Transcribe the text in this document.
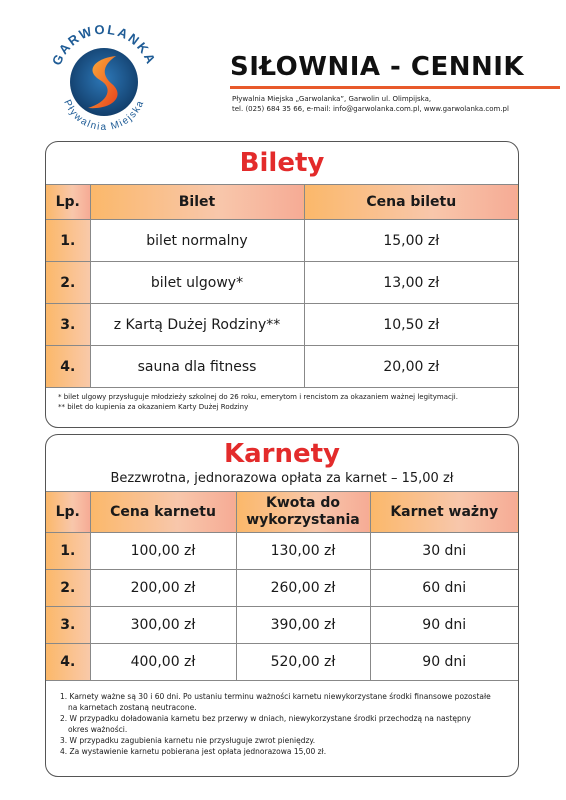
GARWOLANKA
Pływalnia Miejska
SIŁOWNIA - CENNIK
Pływalnia Miejska „Garwolanka”, Garwolin ul. Olimpijska,
tel. (025) 684 35 66, e-mail: info@garwolanka.com.pl, www.garwolanka.com.pl
Bilety
Lp.	Bilet	Cena biletu
1.	bilet normalny	15,00 zł
2.	bilet ulgowy*	13,00 zł
3.	z Kartą Dużej Rodziny**	10,50 zł
4.	sauna dla fitness	20,00 zł
* bilet ulgowy przysługuje młodzieży szkolnej do 26 roku, emerytom i rencistom za okazaniem ważnej legitymacji.
** bilet do kupienia za okazaniem Karty Dużej Rodziny
Karnety
Bezzwrotna, jednorazowa opłata za karnet – 15,00 zł
Lp.	Cena karnetu	Kwota do wykorzystania	Karnet ważny
1.	100,00 zł	130,00 zł	30 dni
2.	200,00 zł	260,00 zł	60 dni
3.	300,00 zł	390,00 zł	90 dni
4.	400,00 zł	520,00 zł	90 dni
1. Karnety ważne są 30 i 60 dni. Po ustaniu terminu ważności karnetu niewykorzystane środki finansowe pozostałe
na karnetach zostaną neutracone.
2. W przypadku doładowania karnetu bez przerwy w dniach, niewykorzystane środki przechodzą na następny
okres ważności.
3. W przypadku zagubienia karnetu nie przysługuje zwrot pieniędzy.
4. Za wystawienie karnetu pobierana jest opłata jednorazowa 15,00 zł.
